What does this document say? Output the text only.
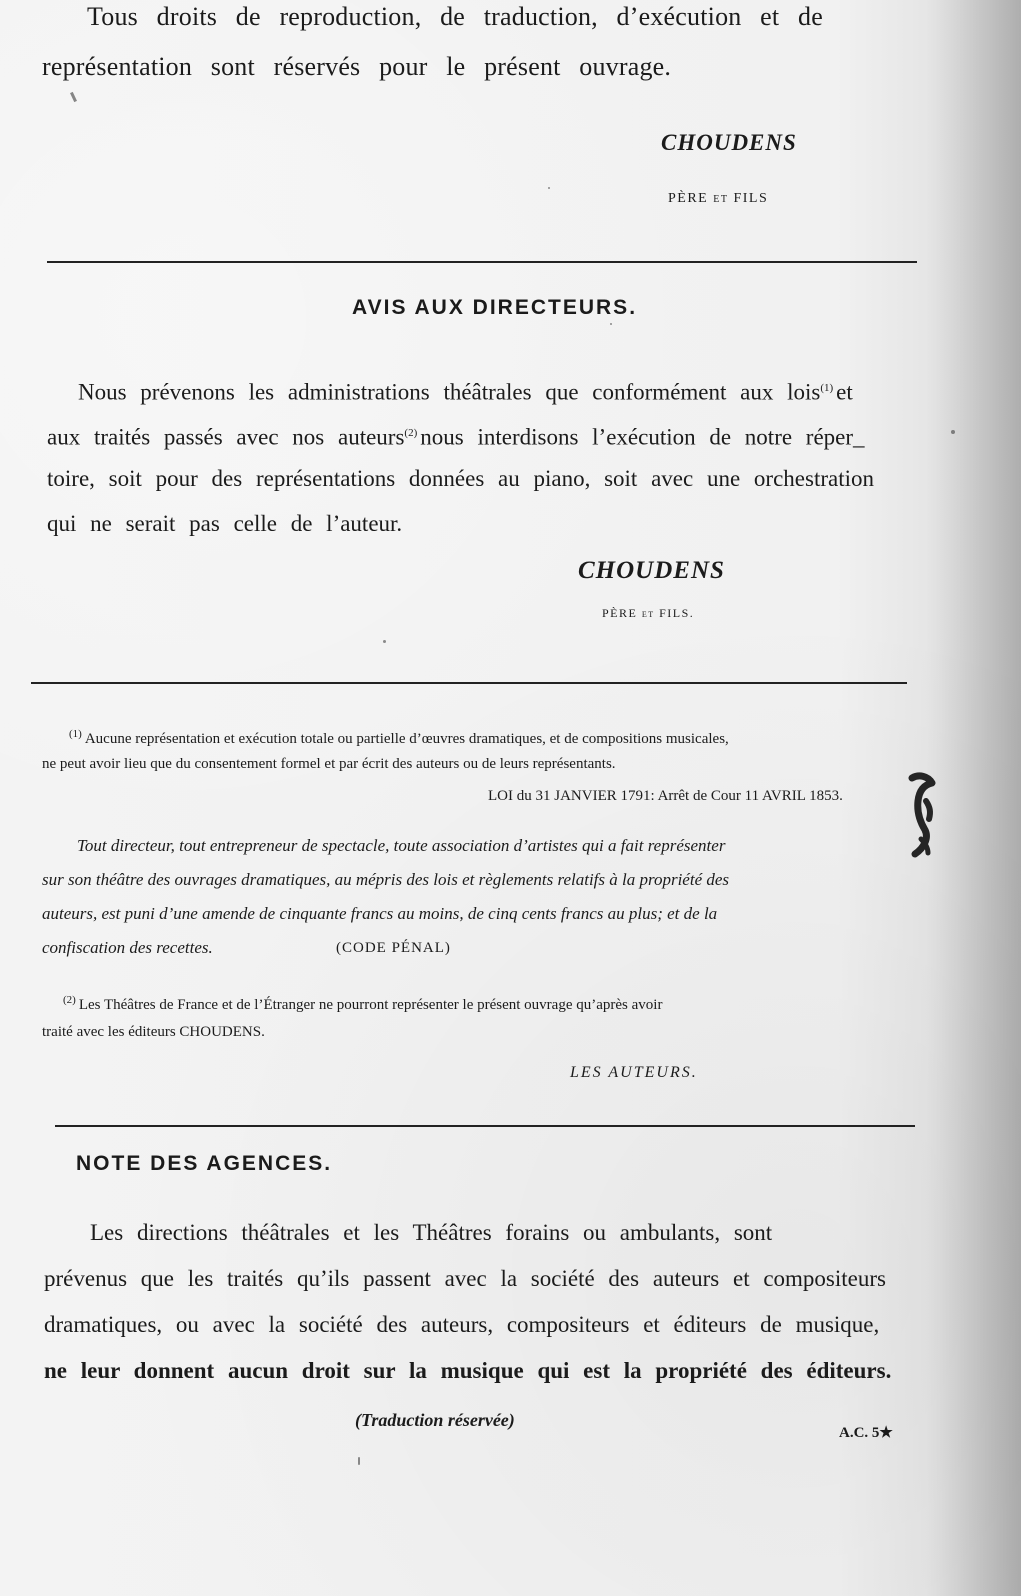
Tous droits de reproduction, de traduction, d’exécution et de
représentation sont réservés pour le présent ouvrage.
CHOUDENS
PÈRE et FILS
AVIS AUX DIRECTEURS.
Nous prévenons les administrations théâtrales que conformément aux lois$^{(1)}$ et
aux traités passés avec nos auteurs$^{(2)}$ nous interdisons l’exécution de notre réper_
toire, soit pour des représentations données au piano, soit avec une orchestration
qui ne serait pas celle de l’auteur.
CHOUDENS
PÈRE et FILS.
$^{(1)}$ Aucune représentation et exécution totale ou partielle d’œuvres dramatiques, et de compositions musicales,
ne peut avoir lieu que du consentement formel et par écrit des auteurs ou de leurs représentants.
LOI du 31 JANVIER 1791: Arrêt de Cour 11 AVRIL 1853.
Tout directeur, tout entrepreneur de spectacle, toute association d’artistes qui a fait représenter
sur son théâtre des ouvrages dramatiques, au mépris des lois et règlements relatifs à la propriété des
auteurs, est puni d’une amende de cinquante francs au moins, de cinq cents francs au plus; et de la
confiscation des recettes.	(CODE PÉNAL)
$^{(2)}$ Les Théâtres de France et de l’Étranger ne pourront représenter le présent ouvrage qu’après avoir
traité avec les éditeurs CHOUDENS.
LES AUTEURS.
NOTE DES AGENCES.
Les directions théâtrales et les Théâtres forains ou ambulants, sont
prévenus que les traités qu’ils passent avec la société des auteurs et compositeurs
dramatiques, ou avec la société des auteurs, compositeurs et éditeurs de musique,
ne leur donnent aucun droit sur la musique qui est la propriété des éditeurs.
(Traduction réservée)
A.C. 5★
